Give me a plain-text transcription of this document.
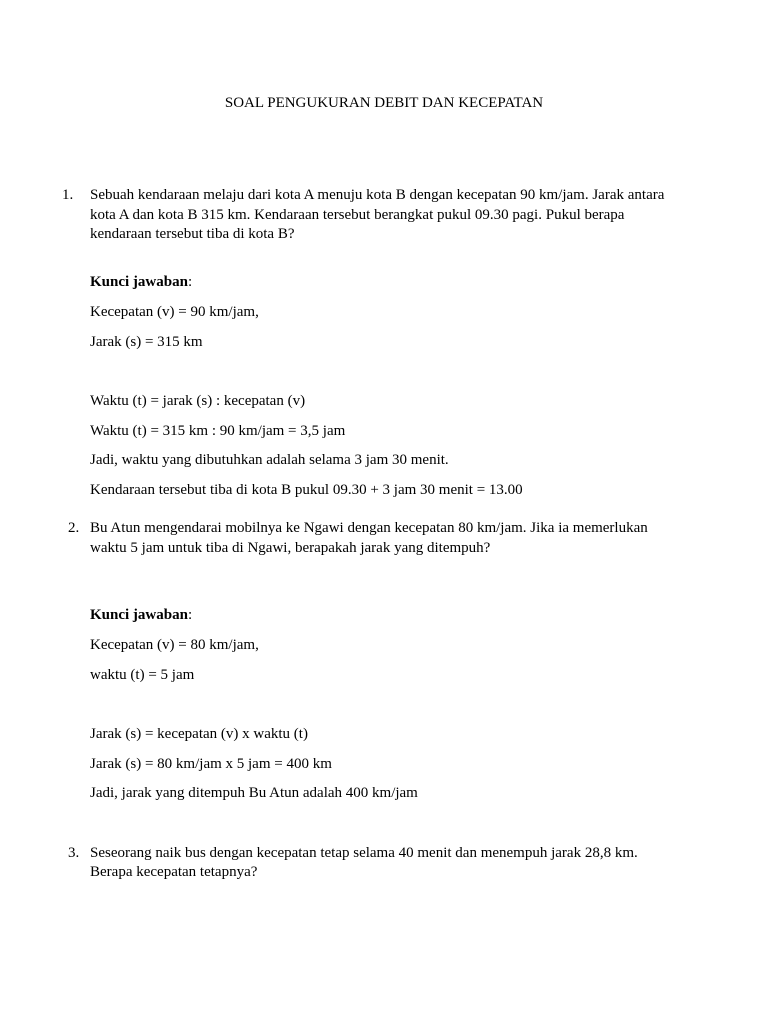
SOAL PENGUKURAN DEBIT DAN KECEPATAN
1. Sebuah kendaraan melaju dari kota A menuju kota B dengan kecepatan 90 km/jam. Jarak antara
kota A dan kota B 315 km. Kendaraan tersebut berangkat pukul 09.30 pagi. Pukul berapa
kendaraan tersebut tiba di kota B?
Kunci jawaban:
Kecepatan (v) = 90 km/jam,
Jarak (s) = 315 km
Waktu (t) = jarak (s) : kecepatan (v)
Waktu (t) = 315 km : 90 km/jam = 3,5 jam
Jadi, waktu yang dibutuhkan adalah selama 3 jam 30 menit.
Kendaraan tersebut tiba di kota B pukul 09.30 + 3 jam 30 menit = 13.00
2. Bu Atun mengendarai mobilnya ke Ngawi dengan kecepatan 80 km/jam. Jika ia memerlukan
waktu 5 jam untuk tiba di Ngawi, berapakah jarak yang ditempuh?
Kunci jawaban:
Kecepatan (v) = 80 km/jam,
waktu (t) = 5 jam
Jarak (s) = kecepatan (v) x waktu (t)
Jarak (s) = 80 km/jam x 5 jam = 400 km
Jadi, jarak yang ditempuh Bu Atun adalah 400 km/jam
3. Seseorang naik bus dengan kecepatan tetap selama 40 menit dan menempuh jarak 28,8 km.
Berapa kecepatan tetapnya?
